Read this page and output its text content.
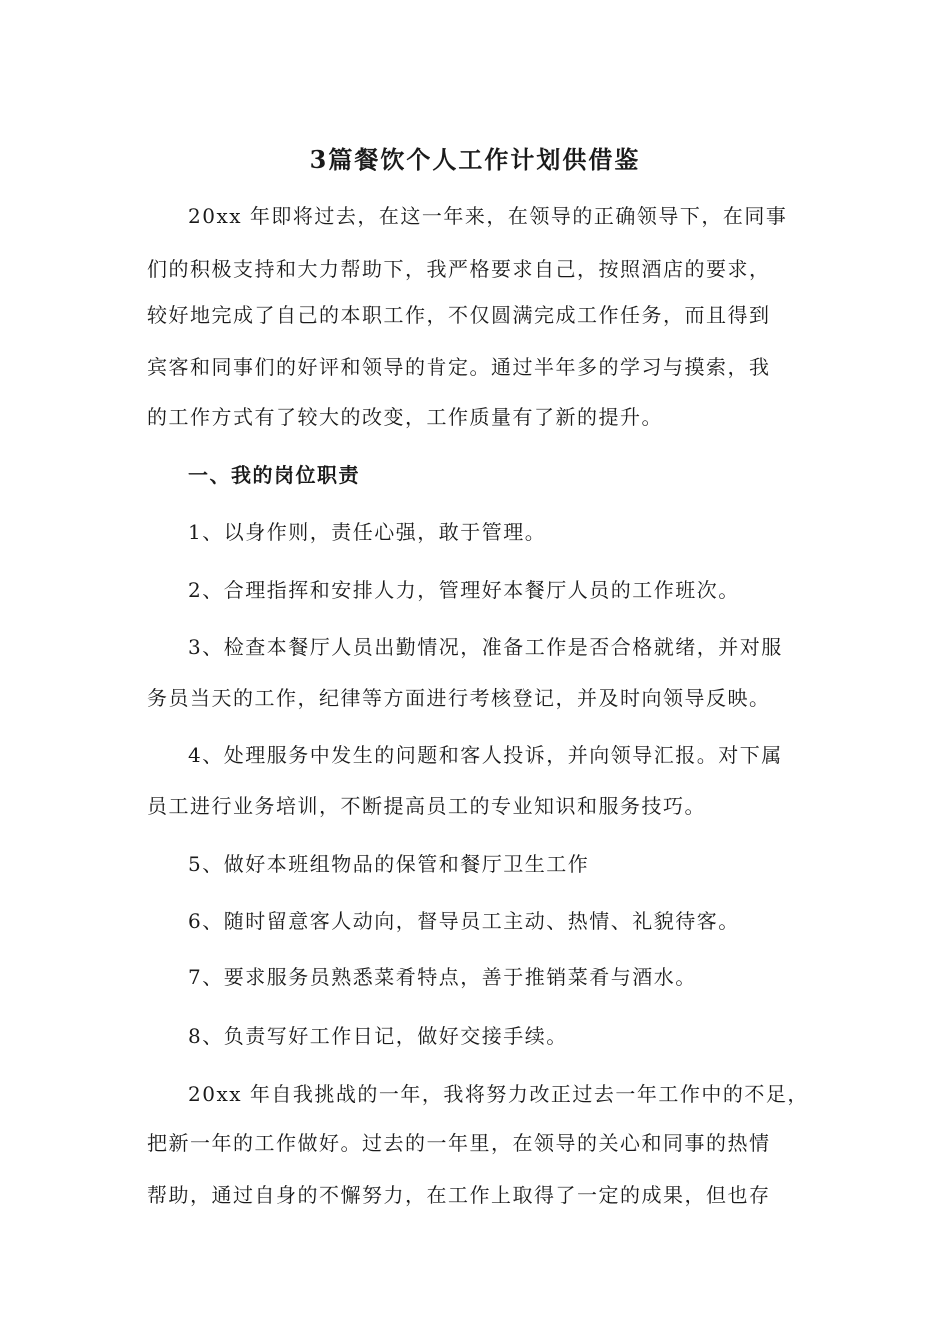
3篇餐饮个人工作计划供借鉴
20xx 年即将过去，在这一年来，在领导的正确领导下，在同事
们的积极支持和大力帮助下，我严格要求自己，按照酒店的要求，
较好地完成了自己的本职工作，不仅圆满完成工作任务，而且得到
宾客和同事们的好评和领导的肯定。通过半年多的学习与摸索，我
的工作方式有了较大的改变，工作质量有了新的提升。
一、我的岗位职责
1、以身作则，责任心强，敢于管理。
2、合理指挥和安排人力，管理好本餐厅人员的工作班次。
3、检查本餐厅人员出勤情况，准备工作是否合格就绪，并对服
务员当天的工作，纪律等方面进行考核登记，并及时向领导反映。
4、处理服务中发生的问题和客人投诉，并向领导汇报。对下属
员工进行业务培训，不断提高员工的专业知识和服务技巧。
5、做好本班组物品的保管和餐厅卫生工作
6、随时留意客人动向，督导员工主动、热情、礼貌待客。
7、要求服务员熟悉菜肴特点，善于推销菜肴与酒水。
8、负责写好工作日记，做好交接手续。
20xx 年自我挑战的一年，我将努力改正过去一年工作中的不足，
把新一年的工作做好。过去的一年里，在领导的关心和同事的热情
帮助，通过自身的不懈努力，在工作上取得了一定的成果，但也存
